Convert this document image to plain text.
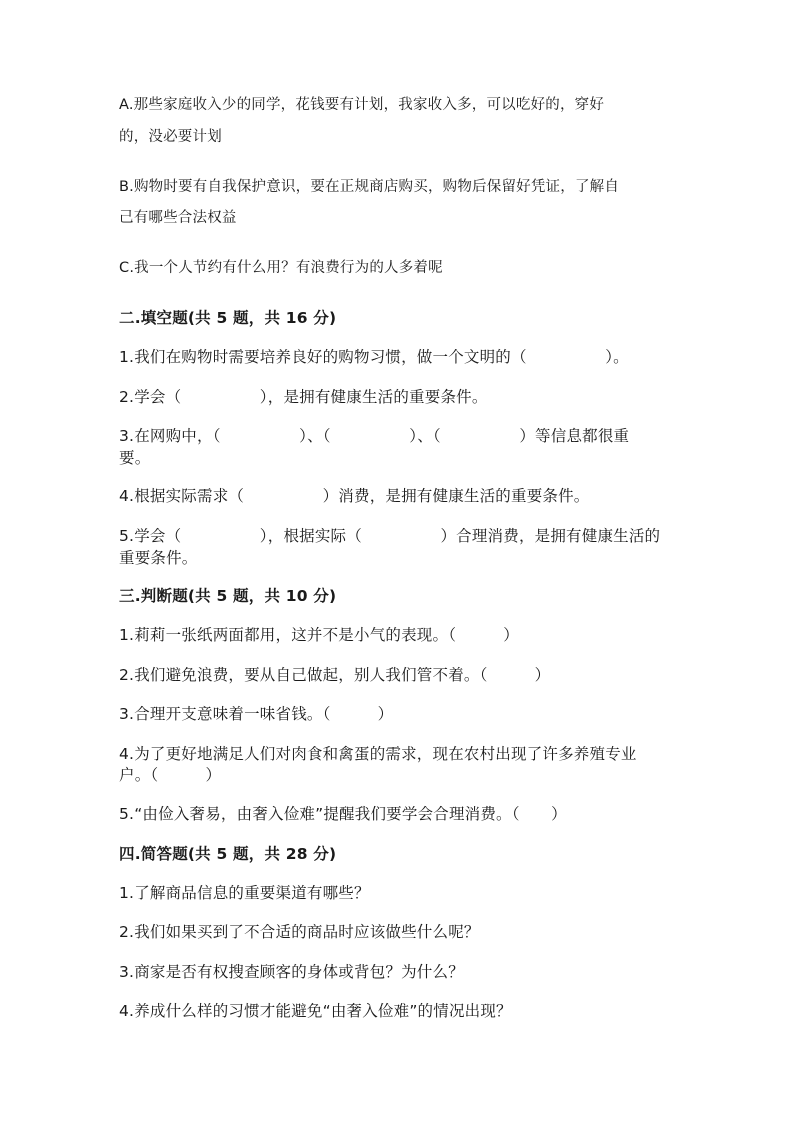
A.那些家庭收入少的同学，花钱要有计划，我家收入多，可以吃好的，穿好
的，没必要计划
B.购物时要有自我保护意识，要在正规商店购买，购物后保留好凭证，了解自
己有哪些合法权益
C.我一个人节约有什么用？有浪费行为的人多着呢
二.填空题(共 5 题，共 16 分)
1.我们在购物时需要培养良好的购物习惯，做一个文明的（　　　　　）。
2.学会（　　　　　），是拥有健康生活的重要条件。
3.在网购中，（　　　　　）、（　　　　　）、（　　　　　）等信息都很重
要。
4.根据实际需求（　　　　　）消费，是拥有健康生活的重要条件。
5.学会（　　　　　），根据实际（　　　　　）合理消费，是拥有健康生活的
重要条件。
三.判断题(共 5 题，共 10 分)
1.莉莉一张纸两面都用，这并不是小气的表现。（　　　）
2.我们避免浪费，要从自己做起，别人我们管不着。（　　　）
3.合理开支意味着一味省钱。（　　　）
4.为了更好地满足人们对肉食和禽蛋的需求，现在农村出现了许多养殖专业
户。（　　　）
5.“由俭入奢易，由奢入俭难”提醒我们要学会合理消费。（　　）
四.简答题(共 5 题，共 28 分)
1.了解商品信息的重要渠道有哪些？
2.我们如果买到了不合适的商品时应该做些什么呢？
3.商家是否有权搜查顾客的身体或背包？为什么？
4.养成什么样的习惯才能避免“由奢入俭难”的情况出现？
